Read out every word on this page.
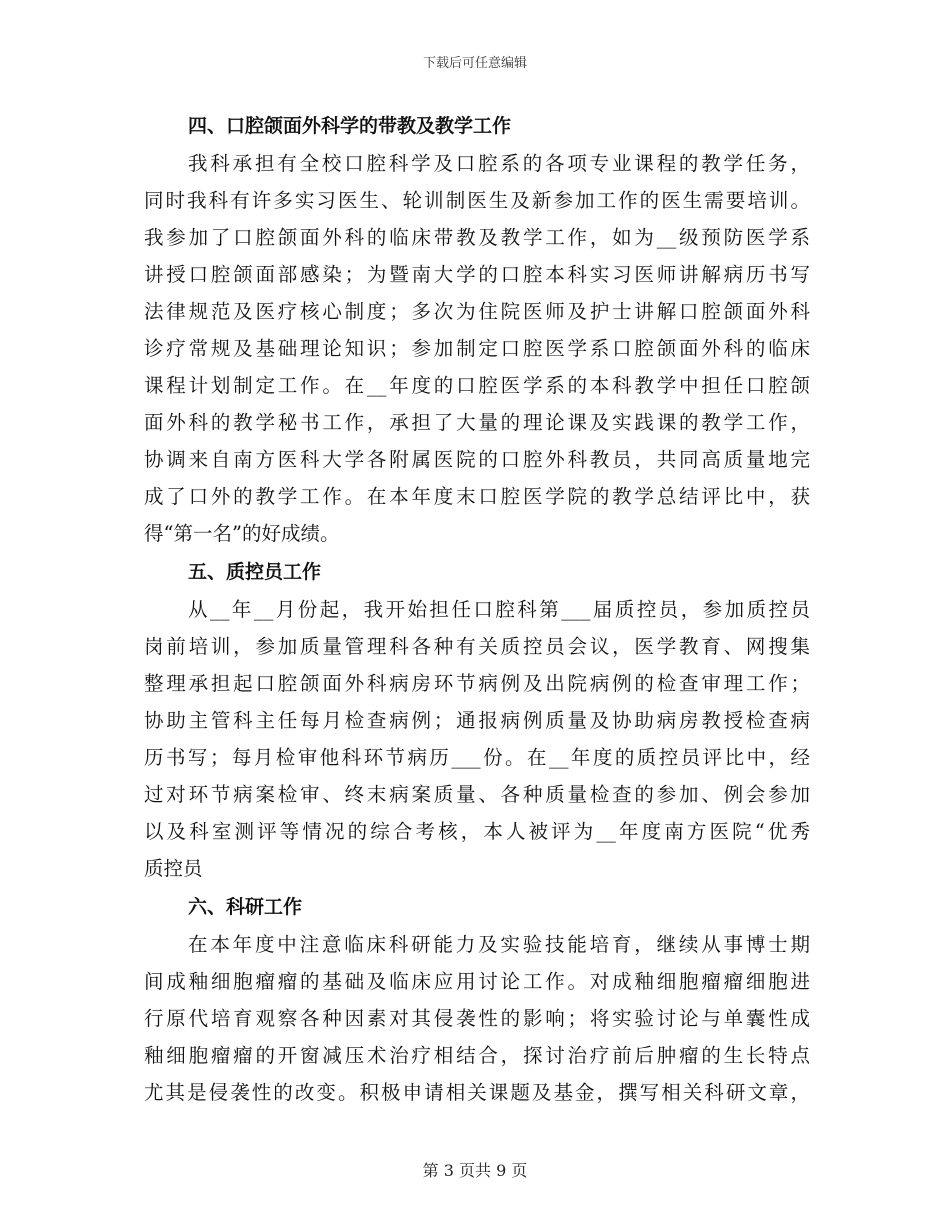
下载后可任意编辑

四、口腔颌面外科学的带教及教学工作

我科承担有全校口腔科学及口腔系的各项专业课程的教学任务，
同时我科有许多实习医生、轮训制医生及新参加工作的医生需要培训。
我参加了口腔颌面外科的临床带教及教学工作，如为__级预防医学系
讲授口腔颌面部感染；为暨南大学的口腔本科实习医师讲解病历书写
法律规范及医疗核心制度；多次为住院医师及护士讲解口腔颌面外科
诊疗常规及基础理论知识；参加制定口腔医学系口腔颌面外科的临床
课程计划制定工作。在__年度的口腔医学系的本科教学中担任口腔颌
面外科的教学秘书工作，承担了大量的理论课及实践课的教学工作，
协调来自南方医科大学各附属医院的口腔外科教员，共同高质量地完
成了口外的教学工作。在本年度末口腔医学院的教学总结评比中，获
得“第一名”的好成绩。

五、质控员工作

从__年__月份起，我开始担任口腔科第___届质控员，参加质控员
岗前培训，参加质量管理科各种有关质控员会议，医学教育、网搜集
整理承担起口腔颌面外科病房环节病例及出院病例的检查审理工作；
协助主管科主任每月检查病例；通报病例质量及协助病房教授检查病
历书写；每月检审他科环节病历___份。在__年度的质控员评比中，经
过对环节病案检审、终末病案质量、各种质量检查的参加、例会参加
以及科室测评等情况的综合考核，本人被评为__年度南方医院“优秀
质控员

六、科研工作

在本年度中注意临床科研能力及实验技能培育，继续从事博士期
间成釉细胞瘤瘤的基础及临床应用讨论工作。对成釉细胞瘤瘤细胞进
行原代培育观察各种因素对其侵袭性的影响；将实验讨论与单囊性成
釉细胞瘤瘤的开窗减压术治疗相结合，探讨治疗前后肿瘤的生长特点
尤其是侵袭性的改变。积极申请相关课题及基金，撰写相关科研文章，

第 3 页共 9 页
